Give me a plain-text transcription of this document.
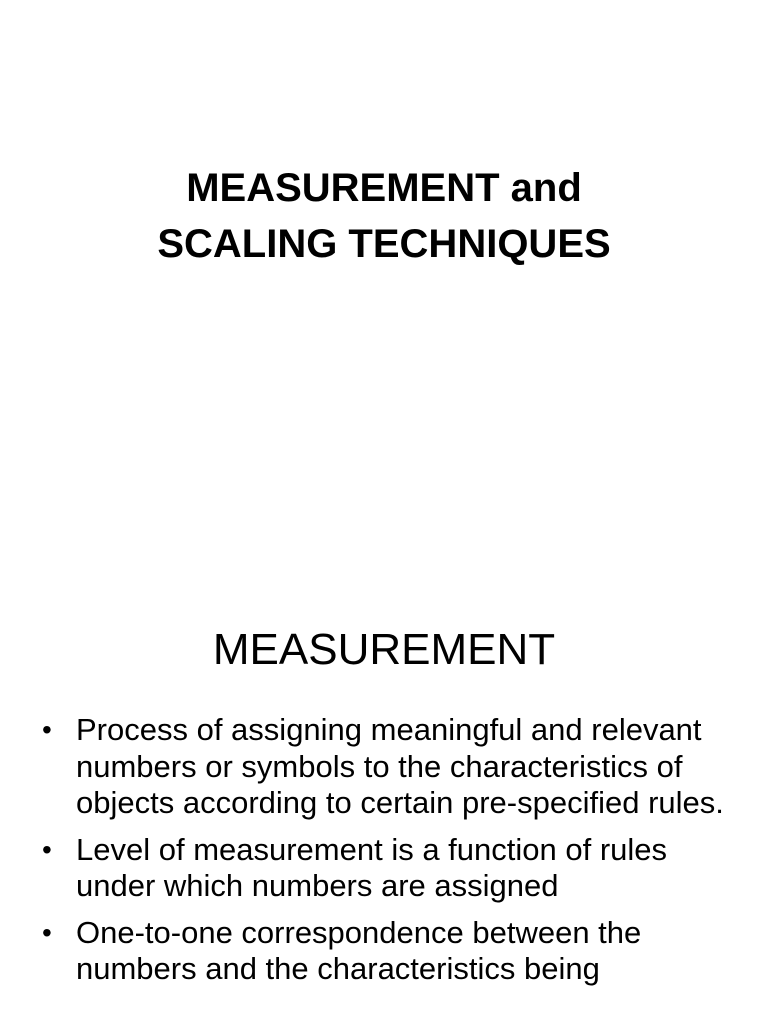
MEASUREMENT and
SCALING TECHNIQUES
MEASUREMENT
• Process of assigning meaningful and relevant numbers or symbols to the characteristics of objects according to certain pre-specified rules.
• Level of measurement is a function of rules under which numbers are assigned
• One-to-one correspondence between the numbers and the characteristics being
